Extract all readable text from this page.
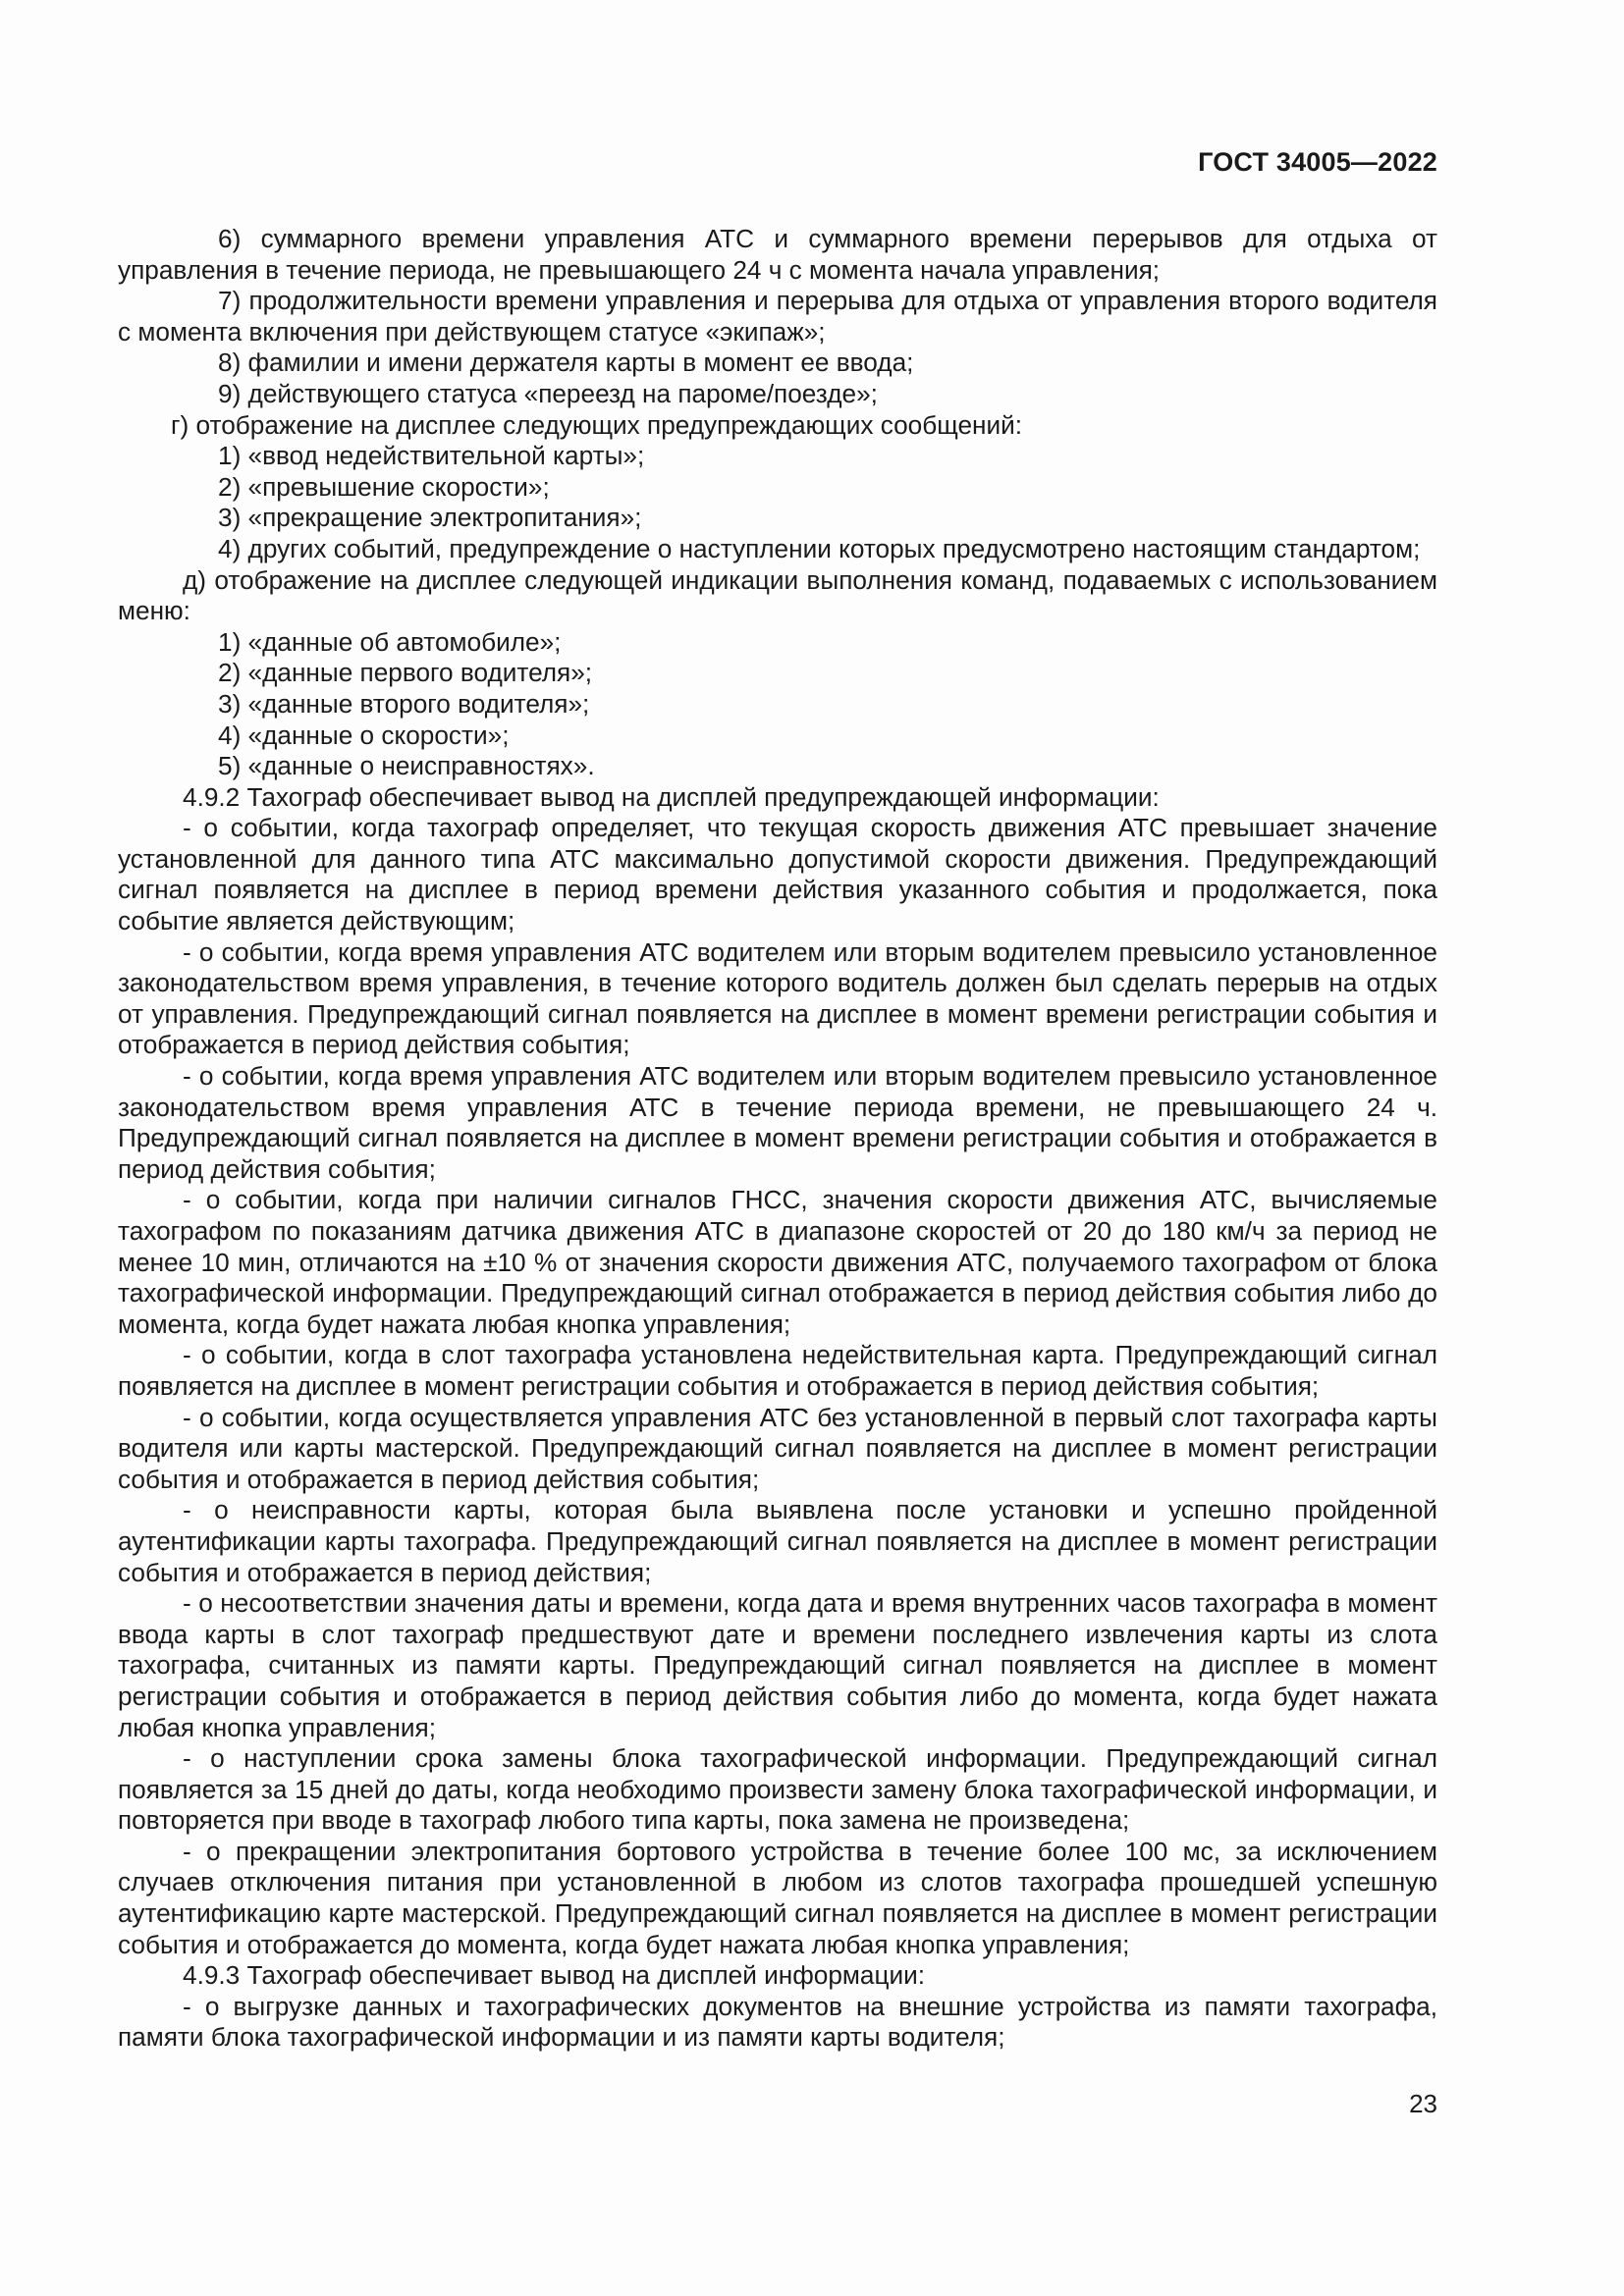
ГОСТ 34005—2022

6) суммарного времени управления АТС и суммарного времени перерывов для отдыха от управления в течение периода, не превышающего 24 ч с момента начала управления;

7) продолжительности времени управления и перерыва для отдыха от управления второго водителя с момента включения при действующем статусе «экипаж»;

8) фамилии и имени держателя карты в момент ее ввода;

9) действующего статуса «переезд на пароме/поезде»;

г) отображение на дисплее следующих предупреждающих сообщений:

1) «ввод недействительной карты»;

2) «превышение скорости»;

3) «прекращение электропитания»;

4) других событий, предупреждение о наступлении которых предусмотрено настоящим стандартом;

д) отображение на дисплее следующей индикации выполнения команд, подаваемых с использованием меню:

1) «данные об автомобиле»;

2) «данные первого водителя»;

3) «данные второго водителя»;

4) «данные о скорости»;

5) «данные о неисправностях».

4.9.2 Тахограф обеспечивает вывод на дисплей предупреждающей информации:

- о событии, когда тахограф определяет, что текущая скорость движения АТС превышает значение установленной для данного типа АТС максимально допустимой скорости движения. Предупреждающий сигнал появляется на дисплее в период времени действия указанного события и продолжается, пока событие является действующим;

- о событии, когда время управления АТС водителем или вторым водителем превысило установленное законодательством время управления, в течение которого водитель должен был сделать перерыв на отдых от управления. Предупреждающий сигнал появляется на дисплее в момент времени регистрации события и отображается в период действия события;

- о событии, когда время управления АТС водителем или вторым водителем превысило установленное законодательством время управления АТС в течение периода времени, не превышающего 24 ч. Предупреждающий сигнал появляется на дисплее в момент времени регистрации события и отображается в период действия события;

- о событии, когда при наличии сигналов ГНСС, значения скорости движения АТС, вычисляемые тахографом по показаниям датчика движения АТС в диапазоне скоростей от 20 до 180 км/ч за период не менее 10 мин, отличаются на ±10 % от значения скорости движения АТС, получаемого тахографом от блока тахографической информации. Предупреждающий сигнал отображается в период действия события либо до момента, когда будет нажата любая кнопка управления;

- о событии, когда в слот тахографа установлена недействительная карта. Предупреждающий сигнал появляется на дисплее в момент регистрации события и отображается в период действия события;

- о событии, когда осуществляется управления АТС без установленной в первый слот тахографа карты водителя или карты мастерской. Предупреждающий сигнал появляется на дисплее в момент регистрации события и отображается в период действия события;

- о неисправности карты, которая была выявлена после установки и успешно пройденной аутентификации карты тахографа. Предупреждающий сигнал появляется на дисплее в момент регистрации события и отображается в период действия;

- о несоответствии значения даты и времени, когда дата и время внутренних часов тахографа в момент ввода карты в слот тахограф предшествуют дате и времени последнего извлечения карты из слота тахографа, считанных из памяти карты. Предупреждающий сигнал появляется на дисплее в момент регистрации события и отображается в период действия события либо до момента, когда будет нажата любая кнопка управления;

- о наступлении срока замены блока тахографической информации. Предупреждающий сигнал появляется за 15 дней до даты, когда необходимо произвести замену блока тахографической информации, и повторяется при вводе в тахограф любого типа карты, пока замена не произведена;

- о прекращении электропитания бортового устройства в течение более 100 мс, за исключением случаев отключения питания при установленной в любом из слотов тахографа прошедшей успешную аутентификацию карте мастерской. Предупреждающий сигнал появляется на дисплее в момент регистрации события и отображается до момента, когда будет нажата любая кнопка управления;

4.9.3 Тахограф обеспечивает вывод на дисплей информации:

- о выгрузке данных и тахографических документов на внешние устройства из памяти тахографа, памяти блока тахографической информации и из памяти карты водителя;

23
